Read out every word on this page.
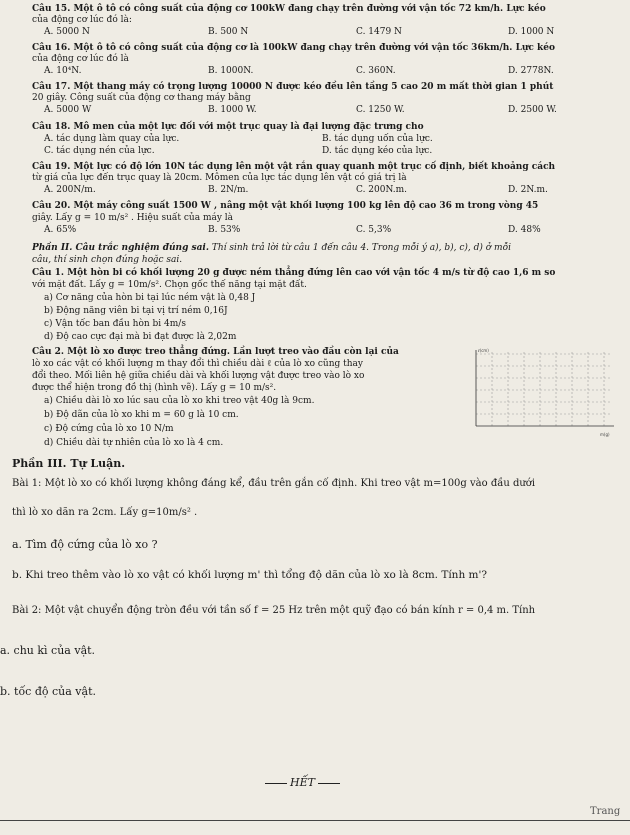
Câu 15. Một ô tô có công suất của động cơ 100kW đang chạy trên đường với vận tốc 72 km/h. Lực kéo
của động cơ lúc đó là:
A. 5000 N	B. 500 N	C. 1479 N	D. 1000 N
Câu 16. Một ô tô có công suất của động cơ là 100kW đang chạy trên đường với vận tốc 36km/h. Lực kéo
của động cơ lúc đó là
A. 10⁴N.	B. 1000N.	C. 360N.	D. 2778N.
Câu 17. Một thang máy có trọng lượng 10000 N được kéo đều lên tầng 5 cao 20 m mất thời gian 1 phút
20 giây. Công suất của động cơ thang máy bằng
A. 5000 W	B. 1000 W.	C. 1250 W.	D. 2500 W.
Câu 18. Mô men của một lực đối với một trục quay là đại lượng đặc trưng cho
A. tác dụng làm quay của lực.	B. tác dụng uốn của lực.
C. tác dụng nén của lực.	D. tác dụng kéo của lực.
Câu 19. Một lực có độ lớn 10N tác dụng lên một vật rắn quay quanh một trục cố định, biết khoảng cách
từ giá của lực đến trục quay là 20cm. Mômen của lực tác dụng lên vật có giá trị là
A. 200N/m.	B. 2N/m.	C. 200N.m.	D. 2N.m.
Câu 20. Một máy công suất 1500 W , nâng một vật khối lượng 100 kg lên độ cao 36 m trong vòng 45
giây. Lấy g = 10 m/s² . Hiệu suất của máy là
A. 65%	B. 53%	C. 5,3%	D. 48%
Phần II. Câu trắc nghiệm đúng sai. Thí sinh trả lời từ câu 1 đến câu 4. Trong mỗi ý a), b), c), d) ở mỗi
câu, thí sinh chọn đúng hoặc sai.
Câu 1. Một hòn bi có khối lượng 20 g được ném thẳng đứng lên cao với vận tốc 4 m/s từ độ cao 1,6 m so
với mặt đất. Lấy g = 10m/s². Chọn gốc thế năng tại mặt đất.
a) Cơ năng của hòn bi tại lúc ném vật là 0,48 J
b) Động năng viên bi tại vị trí ném 0,16J
c) Vận tốc ban đầu hòn bi 4m/s
d) Độ cao cực đại mà bi đạt được là 2,02m
Câu 2. Một lò xo được treo thẳng đứng. Lần lượt treo vào đầu còn lại của
lò xo các vật có khối lượng m thay đổi thì chiều dài ℓ của lò xo cũng thay
đổi theo. Mối liên hệ giữa chiều dài và khối lượng vật được treo vào lò xo
được thể hiện trong đồ thị (hình vẽ). Lấy g = 10 m/s².
a) Chiều dài lò xo lúc sau của lò xo khi treo vật 40g là 9cm.
b) Độ dãn của lò xo khi m = 60 g là 10 cm.
c) Độ cứng của lò xo 10 N/m
d) Chiều dài tự nhiên của lò xo là 4 cm.
ℓ(cm)
m(g)
Phần III. Tự Luận.
Bài 1: Một lò xo có khối lượng không đáng kể, đầu trên gắn cố định. Khi treo vật m=100g vào đầu dưới
thì lò xo dãn ra 2cm. Lấy g=10m/s² .
a. Tìm độ cứng của lò xo ?
b. Khi treo thêm vào lò xo vật có khối lượng m' thì tổng độ dãn của lò xo là 8cm. Tính m'?
Bài 2: Một vật chuyển động tròn đều với tần số f = 25 Hz trên một quỹ đạo có bán kính r = 0,4 m. Tính
a. chu kì của vật.
b. tốc độ của vật.
HẾT
Trang
